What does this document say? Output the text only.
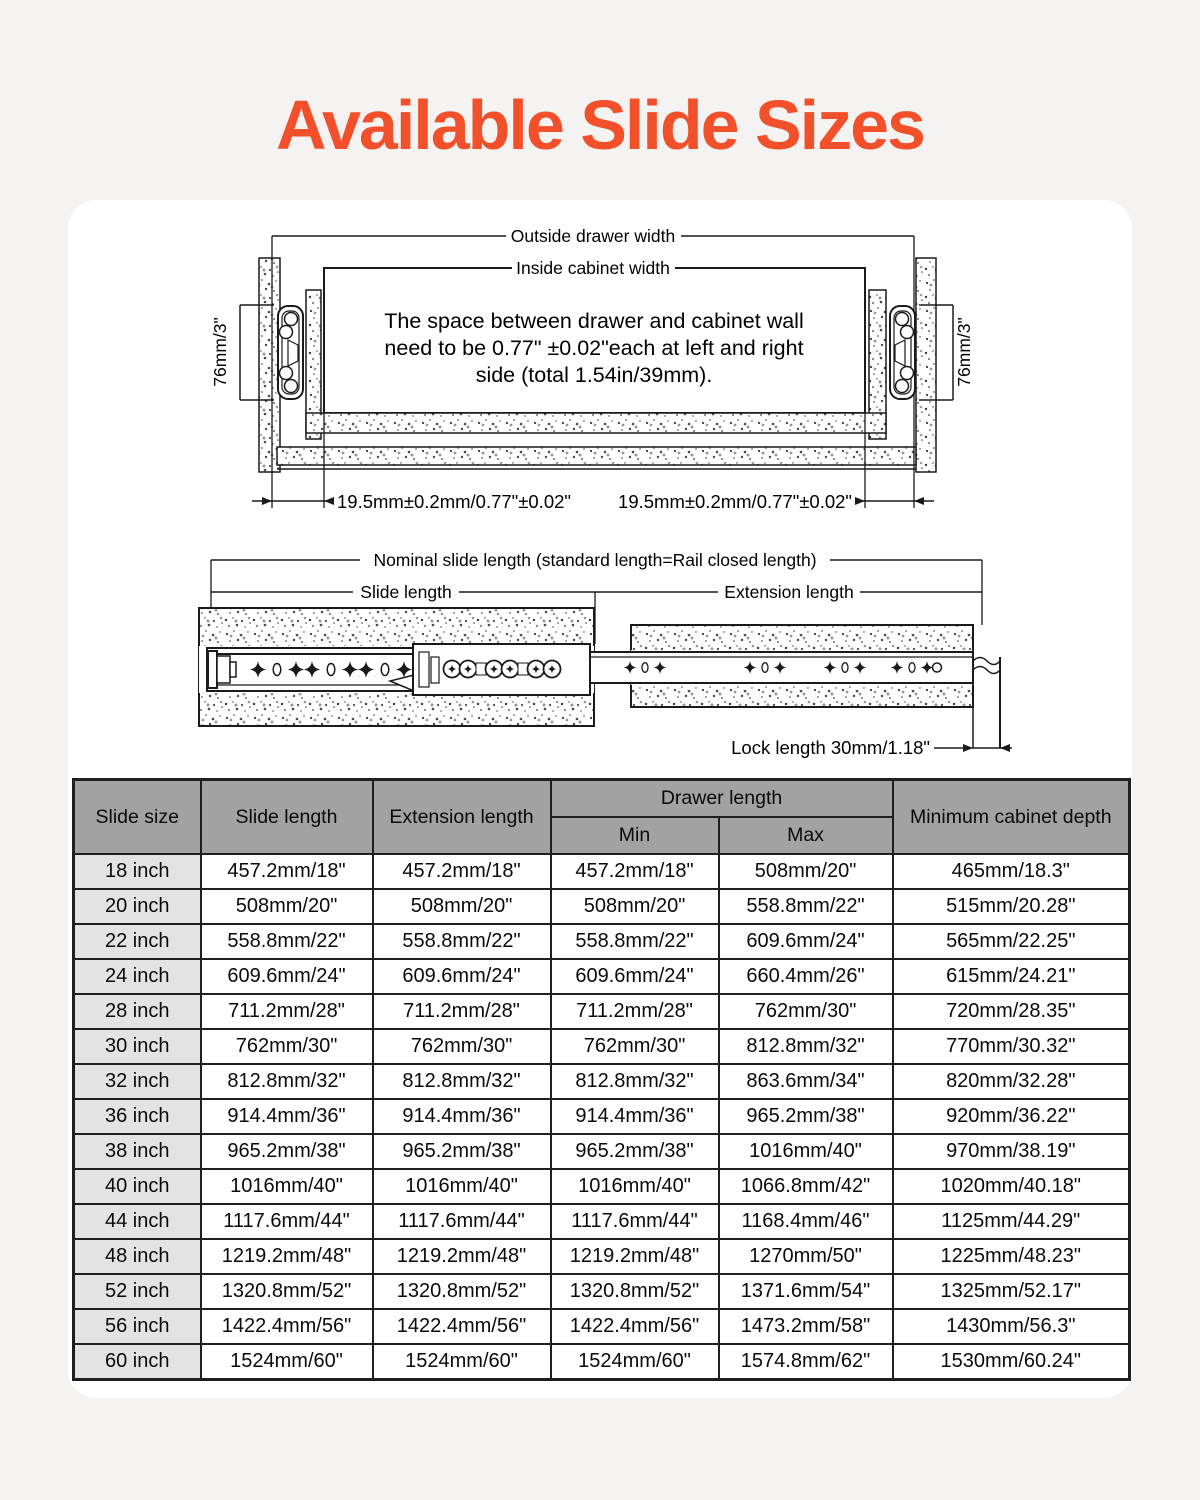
Available Slide Sizes
Outside drawer width
Inside cabinet width
The space between drawer and cabinet wall
need to be 0.77" ±0.02"each at left and right
side (total 1.54in/39mm).
19.5mm±0.2mm/0.77"±0.02"	19.5mm±0.2mm/0.77"±0.02"
76mm/3"	76mm/3"
Nominal slide length (standard length=Rail closed length)
Slide length	Extension length
Lock length 30mm/1.18"
Slide size	Slide length	Extension length	Drawer length		Minimum cabinet depth
			Min	Max	
18 inch	457.2mm/18"	457.2mm/18"	457.2mm/18"	508mm/20"	465mm/18.3"
20 inch	508mm/20"	508mm/20"	508mm/20"	558.8mm/22"	515mm/20.28"
22 inch	558.8mm/22"	558.8mm/22"	558.8mm/22"	609.6mm/24"	565mm/22.25"
24 inch	609.6mm/24"	609.6mm/24"	609.6mm/24"	660.4mm/26"	615mm/24.21"
28 inch	711.2mm/28"	711.2mm/28"	711.2mm/28"	762mm/30"	720mm/28.35"
30 inch	762mm/30"	762mm/30"	762mm/30"	812.8mm/32"	770mm/30.32"
32 inch	812.8mm/32"	812.8mm/32"	812.8mm/32"	863.6mm/34"	820mm/32.28"
36 inch	914.4mm/36"	914.4mm/36"	914.4mm/36"	965.2mm/38"	920mm/36.22"
38 inch	965.2mm/38"	965.2mm/38"	965.2mm/38"	1016mm/40"	970mm/38.19"
40 inch	1016mm/40"	1016mm/40"	1016mm/40"	1066.8mm/42"	1020mm/40.18"
44 inch	1117.6mm/44"	1117.6mm/44"	1117.6mm/44"	1168.4mm/46"	1125mm/44.29"
48 inch	1219.2mm/48"	1219.2mm/48"	1219.2mm/48"	1270mm/50"	1225mm/48.23"
52 inch	1320.8mm/52"	1320.8mm/52"	1320.8mm/52"	1371.6mm/54"	1325mm/52.17"
56 inch	1422.4mm/56"	1422.4mm/56"	1422.4mm/56"	1473.2mm/58"	1430mm/56.3"
60 inch	1524mm/60"	1524mm/60"	1524mm/60"	1574.8mm/62"	1530mm/60.24"
